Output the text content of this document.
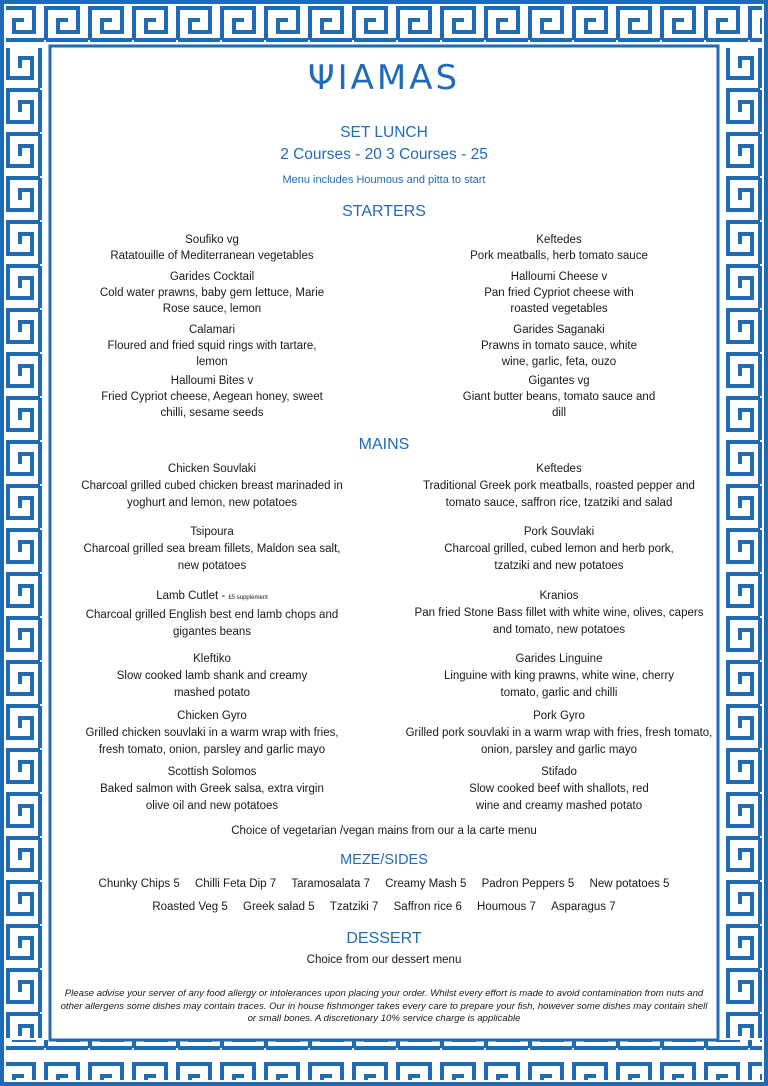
ΨIAMAS
SET LUNCH
2 Courses - 20 3 Courses - 25
Menu includes Houmous and pitta to start
STARTERS
Soufiko vg
Ratatouille of Mediterranean vegetables
Garides Cocktail
Cold water prawns, baby gem lettuce, Marie Rose sauce, lemon
Calamari
Floured and fried squid rings with tartare, lemon
Halloumi Bites v
Fried Cypriot cheese, Aegean honey, sweet chilli, sesame seeds
Keftedes
Pork meatballs, herb tomato sauce
Halloumi Cheese v
Pan fried Cypriot cheese with roasted vegetables
Garides Saganaki
Prawns in tomato sauce, white wine, garlic, feta, ouzo
Gigantes vg
Giant butter beans, tomato sauce and dill
MAINS
Chicken Souvlaki
Charcoal grilled cubed chicken breast marinaded in yoghurt and lemon, new potatoes
Tsipoura
Charcoal grilled sea bream fillets, Maldon sea salt, new potatoes
Lamb Cutlet - £5 supplement
Charcoal grilled English best end lamb chops and gigantes beans
Kleftiko
Slow cooked lamb shank and creamy mashed potato
Chicken Gyro
Grilled chicken souvlaki in a warm wrap with fries, fresh tomato, onion, parsley and garlic mayo
Scottish Solomos
Baked salmon with Greek salsa, extra virgin olive oil and new potatoes
Keftedes
Traditional Greek pork meatballs, roasted pepper and tomato sauce, saffron rice, tzatziki and salad
Pork Souvlaki
Charcoal grilled, cubed lemon and herb pork, tzatziki and new potatoes
Kranios
Pan fried Stone Bass fillet with white wine, olives, capers and tomato, new potatoes
Garides Linguine
Linguine with king prawns, white wine, cherry tomato, garlic and chilli
Pork Gyro
Grilled pork souvlaki in a warm wrap with fries, fresh tomato, onion, parsley and garlic mayo
Stifado
Slow cooked beef with shallots, red wine and creamy mashed potato
Choice of vegetarian /vegan mains from our a la carte menu
MEZE/SIDES
Chunky Chips 5 Chilli Feta Dip 7 Taramosalata 7 Creamy Mash 5 Padron Peppers 5 New potatoes 5
Roasted Veg 5 Greek salad 5 Tzatziki 7 Saffron rice 6 Houmous 7 Asparagus 7
DESSERT
Choice from our dessert menu
Please advise your server of any food allergy or intolerances upon placing your order. Whilst every effort is made to avoid contamination from nuts and other allergens some dishes may contain traces. Our in house fishmonger takes every care to prepare your fish, however some dishes may contain shell or small bones. A discretionary 10% service charge is applicable
